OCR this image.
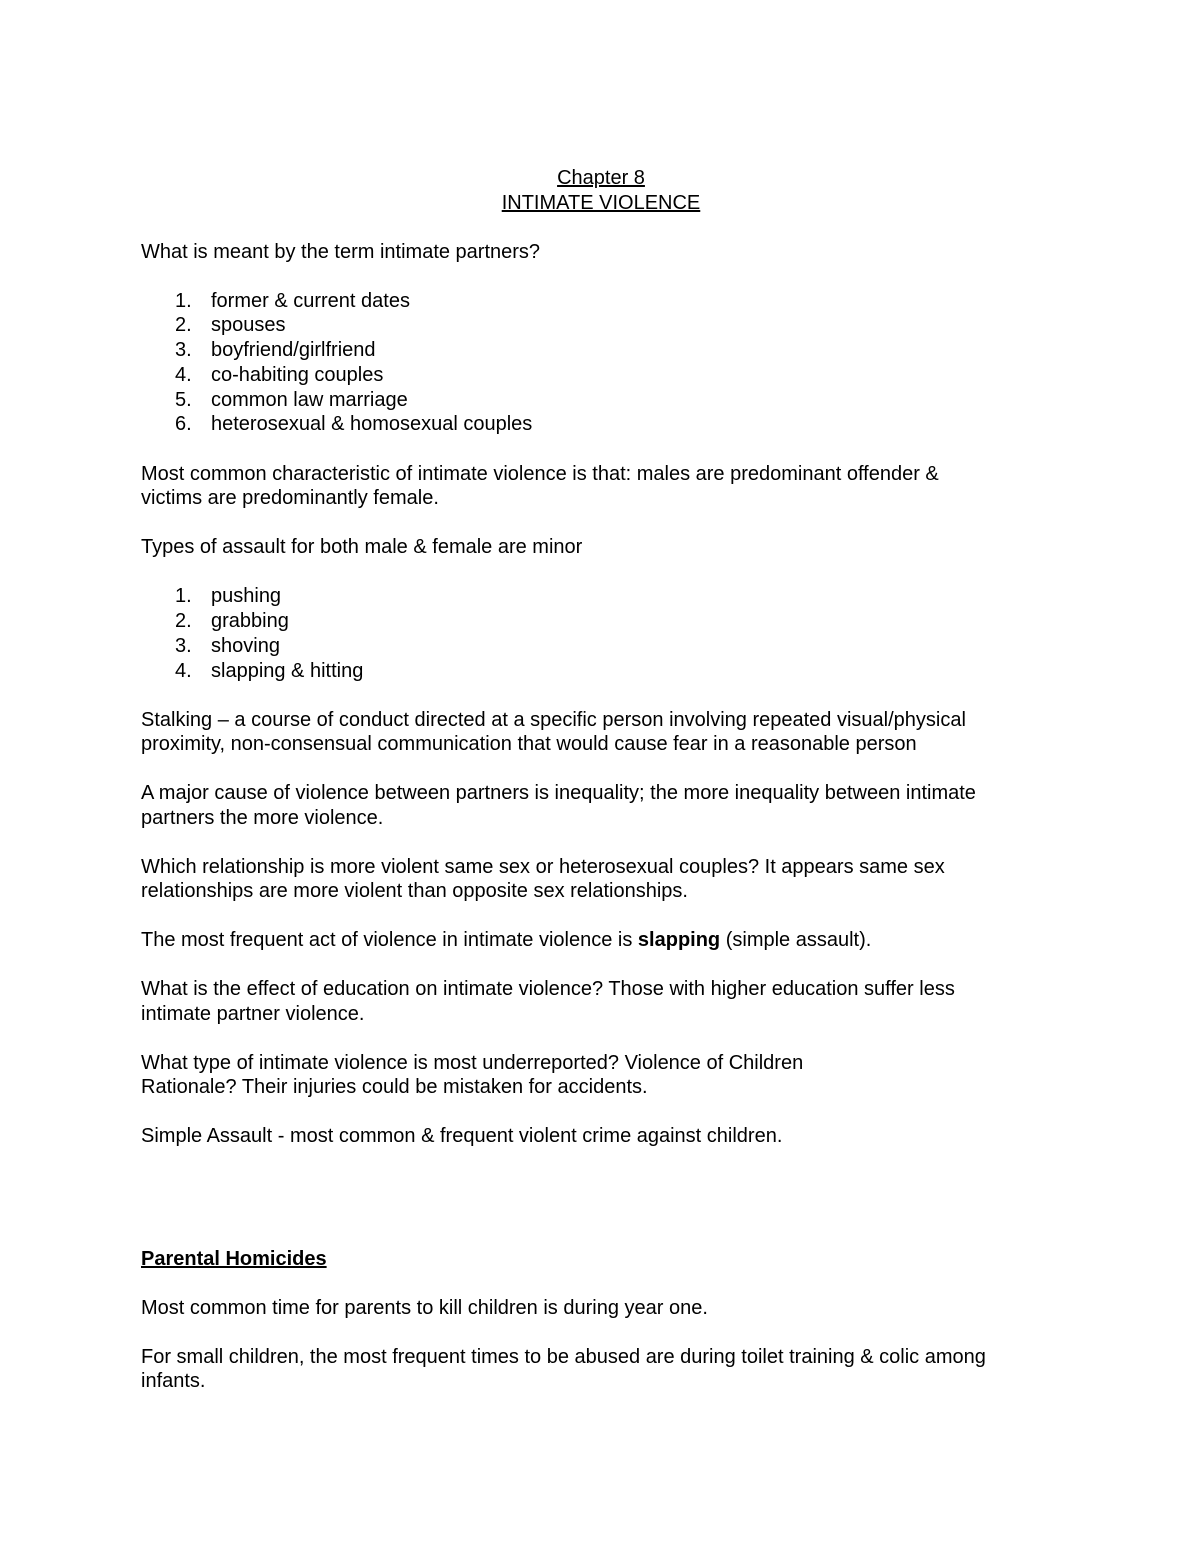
Chapter 8

INTIMATE VIOLENCE

What is meant by the term intimate partners?

1. former & current dates
2. spouses
3. boyfriend/girlfriend
4. co-habiting couples
5. common law marriage
6. heterosexual & homosexual couples

Most common characteristic of intimate violence is that: males are predominant offender &
victims are predominantly female.

Types of assault for both male & female are minor

1. pushing
2. grabbing
3. shoving
4. slapping & hitting

Stalking – a course of conduct directed at a specific person involving repeated visual/physical
proximity, non-consensual communication that would cause fear in a reasonable person

A major cause of violence between partners is inequality; the more inequality between intimate
partners the more violence.

Which relationship is more violent same sex or heterosexual couples? It appears same sex
relationships are more violent than opposite sex relationships.

The most frequent act of violence in intimate violence is slapping (simple assault).

What is the effect of education on intimate violence? Those with higher education suffer less
intimate partner violence.

What type of intimate violence is most underreported? Violence of Children
Rationale? Their injuries could be mistaken for accidents.

Simple Assault - most common & frequent violent crime against children.

Parental Homicides

Most common time for parents to kill children is during year one.

For small children, the most frequent times to be abused are during toilet training & colic among
infants.
